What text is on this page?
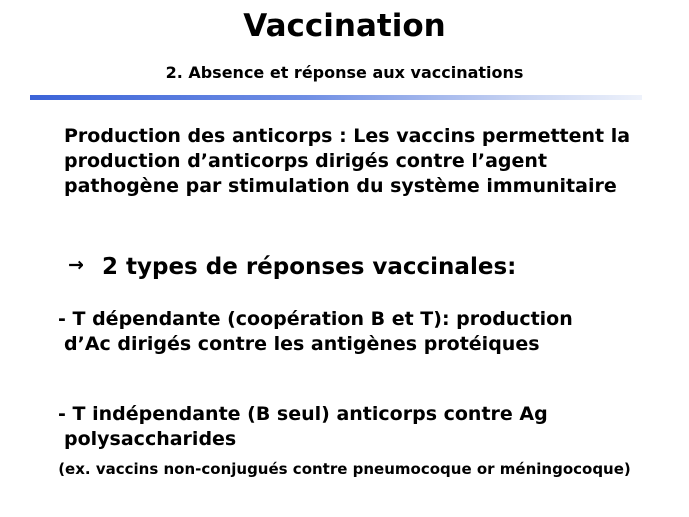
Vaccination
2. Absence et réponse aux vaccinations
Production des anticorps : Les vaccins permettent la
production d’anticorps dirigés contre l’agent
pathogène par stimulation du système immunitaire
→ 2 types de réponses vaccinales:
- T dépendante (coopération B et T): production
d’Ac dirigés contre les antigènes protéiques
- T indépendante (B seul) anticorps contre Ag
polysaccharides
(ex. vaccins non-conjugués contre pneumocoque or méningocoque)
